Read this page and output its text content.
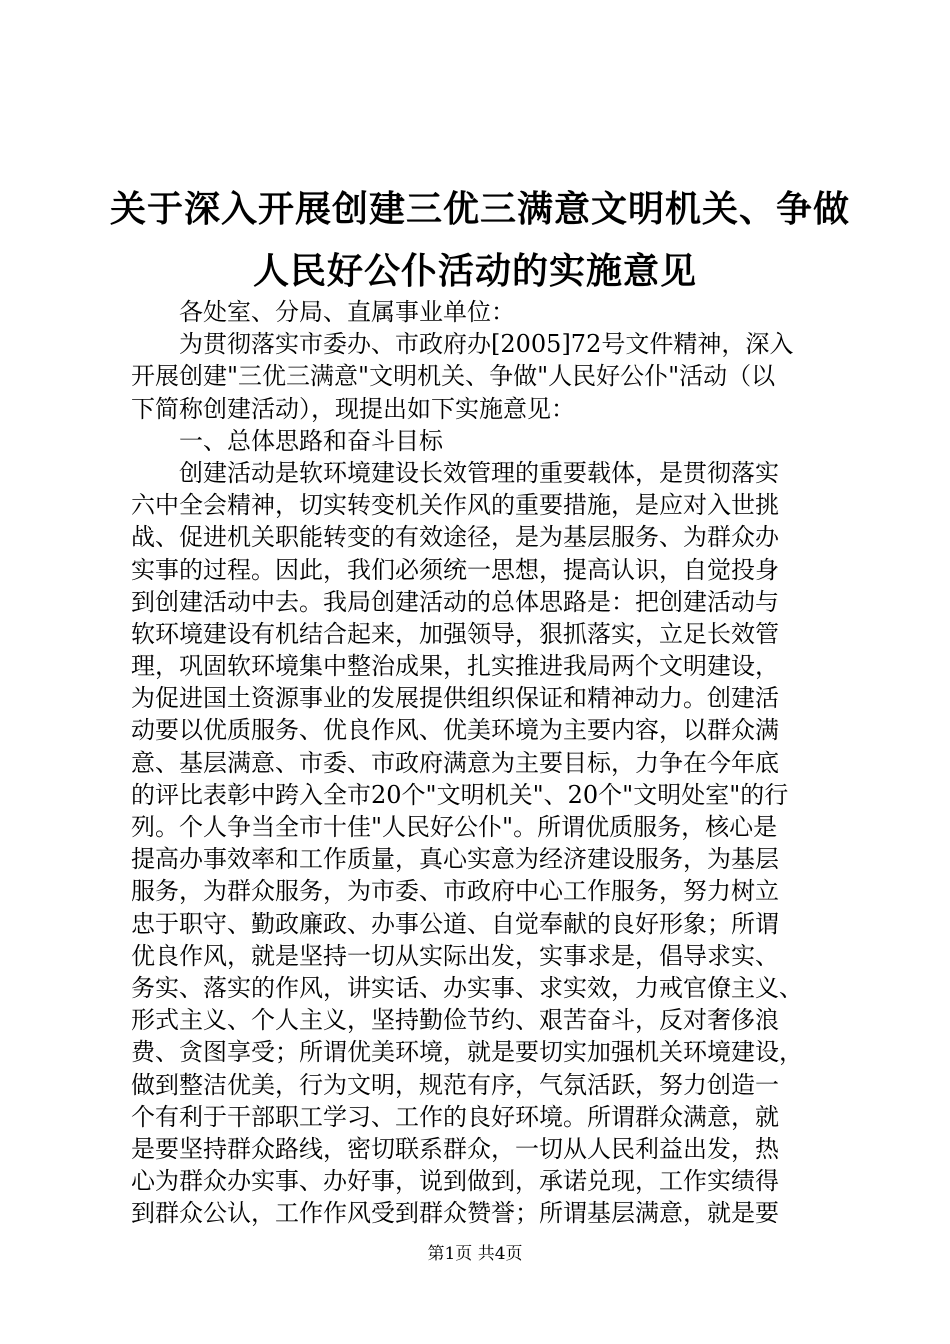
关于深入开展创建三优三满意文明机关、争做
人民好公仆活动的实施意见
各处室、分局、直属事业单位：
为贯彻落实市委办、市政府办[2005]72号文件精神，深入
开展创建"三优三满意"文明机关、争做"人民好公仆"活动（以
下简称创建活动），现提出如下实施意见：
一、总体思路和奋斗目标
创建活动是软环境建设长效管理的重要载体，是贯彻落实
六中全会精神，切实转变机关作风的重要措施，是应对入世挑
战、促进机关职能转变的有效途径，是为基层服务、为群众办
实事的过程。因此，我们必须统一思想，提高认识，自觉投身
到创建活动中去。我局创建活动的总体思路是：把创建活动与
软环境建设有机结合起来，加强领导，狠抓落实，立足长效管
理，巩固软环境集中整治成果，扎实推进我局两个文明建设，
为促进国土资源事业的发展提供组织保证和精神动力。创建活
动要以优质服务、优良作风、优美环境为主要内容，以群众满
意、基层满意、市委、市政府满意为主要目标，力争在今年底
的评比表彰中跨入全市20个"文明机关"、20个"文明处室"的行
列。个人争当全市十佳"人民好公仆"。所谓优质服务，核心是
提高办事效率和工作质量，真心实意为经济建设服务，为基层
服务，为群众服务，为市委、市政府中心工作服务，努力树立
忠于职守、勤政廉政、办事公道、自觉奉献的良好形象；所谓
优良作风，就是坚持一切从实际出发，实事求是，倡导求实、
务实、落实的作风，讲实话、办实事、求实效，力戒官僚主义、
形式主义、个人主义，坚持勤俭节约、艰苦奋斗，反对奢侈浪
费、贪图享受；所谓优美环境，就是要切实加强机关环境建设，
做到整洁优美，行为文明，规范有序，气氛活跃，努力创造一
个有利于干部职工学习、工作的良好环境。所谓群众满意，就
是要坚持群众路线，密切联系群众，一切从人民利益出发，热
心为群众办实事、办好事，说到做到，承诺兑现，工作实绩得
到群众公认，工作作风受到群众赞誉；所谓基层满意，就是要
第1页 共4页
